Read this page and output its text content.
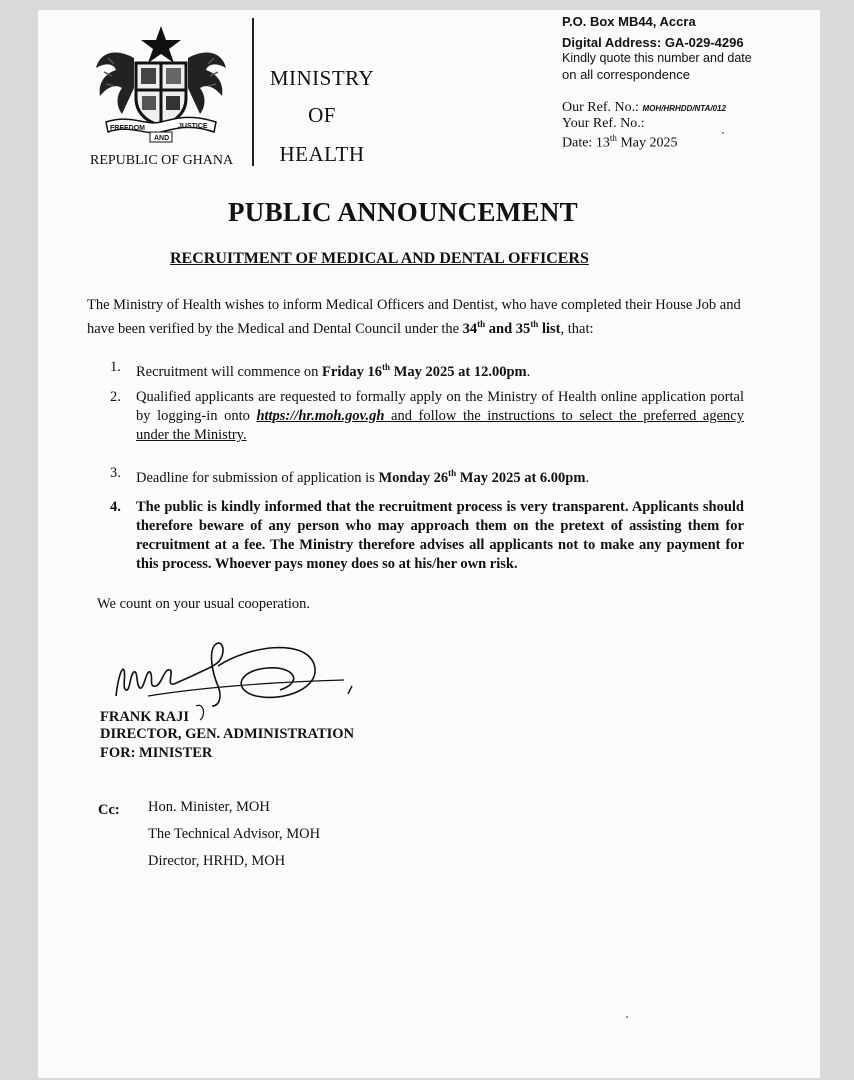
FREEDOM	JUSTICE
AND
REPUBLIC OF GHANA
MINISTRY
OF
HEALTH
P.O. Box MB44, Accra
Digital Address: GA-029-4296
Kindly quote this number and date
on all correspondence
Our Ref. No.: MOH/HRHDD/NTA/012
Your Ref. No.:
Date: 13th May 2025
PUBLIC ANNOUNCEMENT
RECRUITMENT OF MEDICAL AND DENTAL OFFICERS
The Ministry of Health wishes to inform Medical Officers and Dentist, who have completed their House Job and have been verified by the Medical and Dental Council under the 34th and 35th list, that:
1. Recruitment will commence on Friday 16th May 2025 at 12.00pm.
2. Qualified applicants are requested to formally apply on the Ministry of Health online application portal by logging-in onto https://hr.moh.gov.gh and follow the instructions to select the preferred agency under the Ministry.
3. Deadline for submission of application is Monday 26th May 2025 at 6.00pm.
4. The public is kindly informed that the recruitment process is very transparent. Applicants should therefore beware of any person who may approach them on the pretext of assisting them for recruitment at a fee. The Ministry therefore advises all applicants not to make any payment for this process. Whoever pays money does so at his/her own risk.
We count on your usual cooperation.
FRANK RAJI
DIRECTOR, GEN. ADMINISTRATION
FOR: MINISTER
Cc: Hon. Minister, MOH
The Technical Advisor, MOH
Director, HRHD, MOH
